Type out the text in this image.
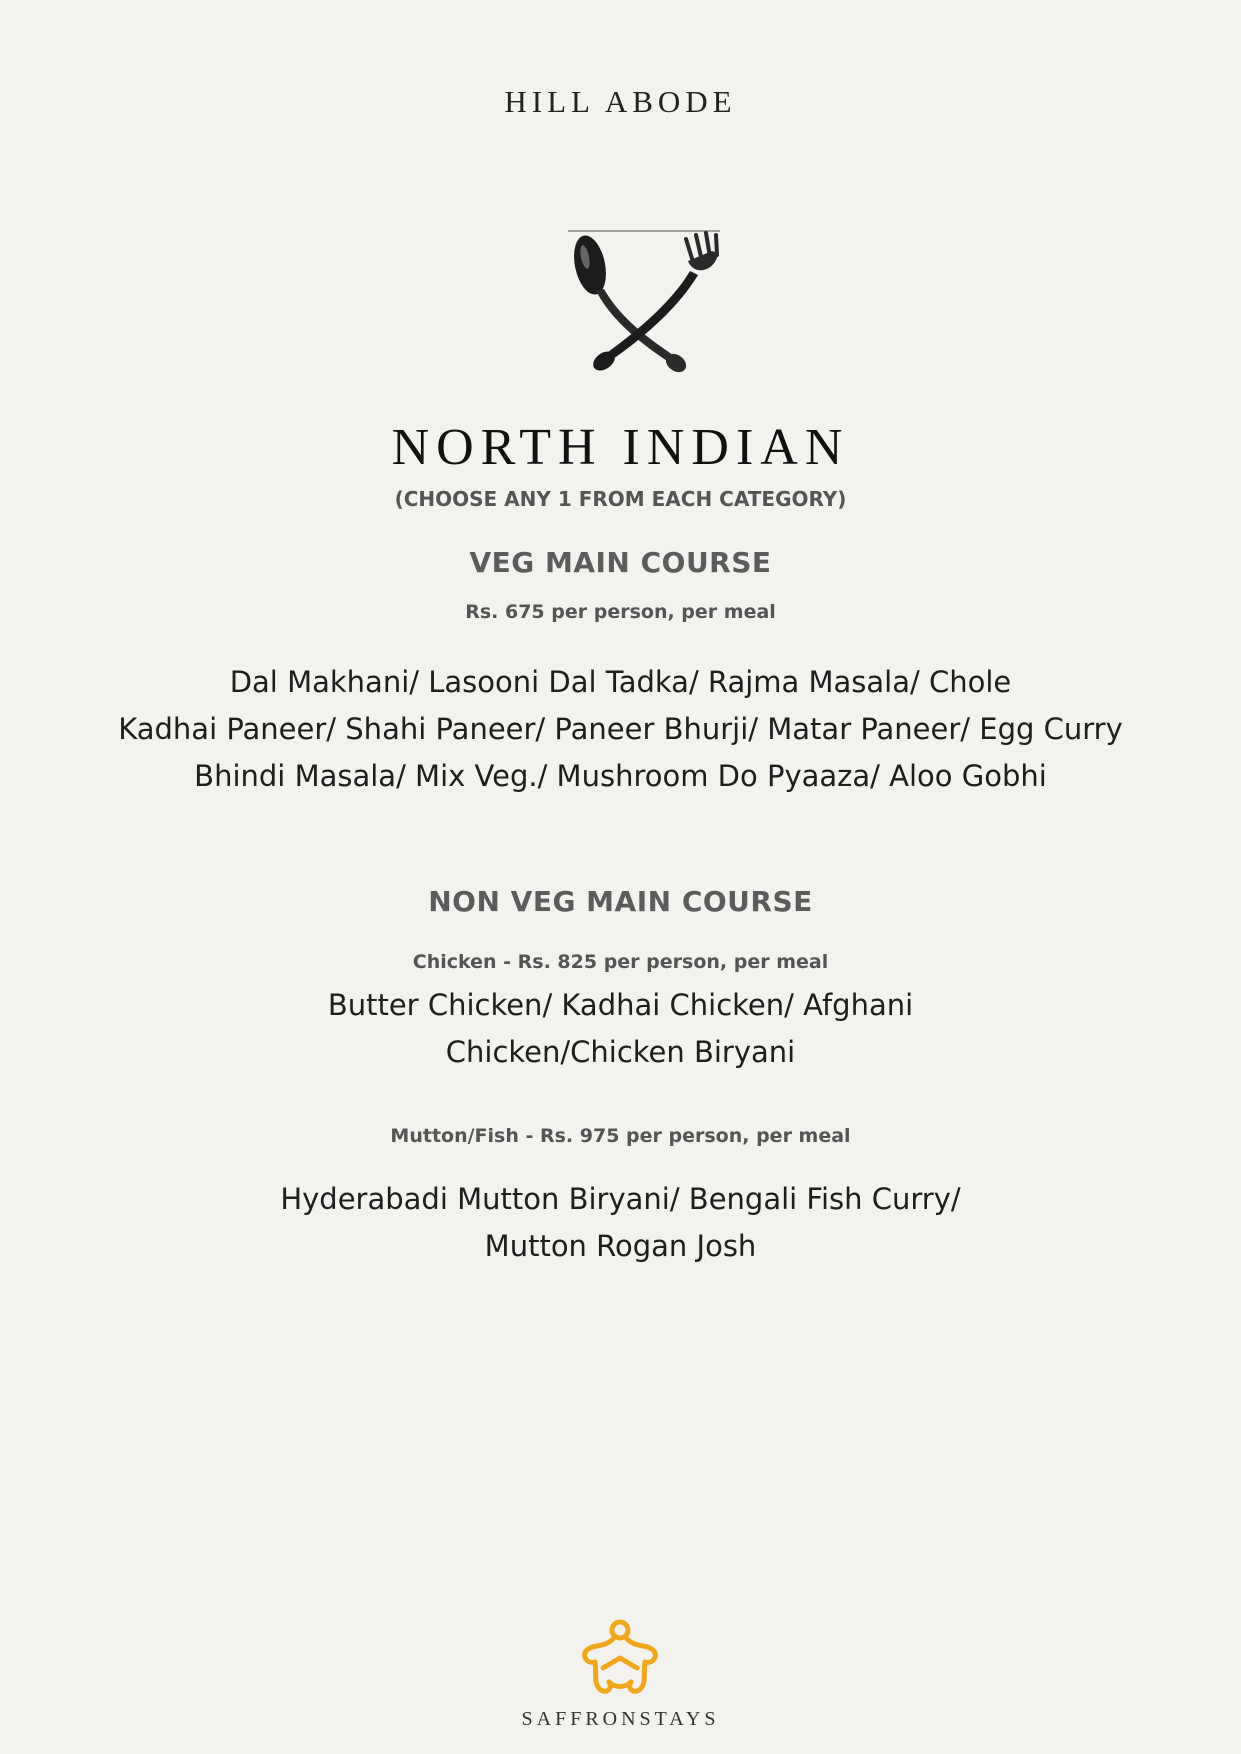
HILL ABODE
NORTH INDIAN
(CHOOSE ANY 1 FROM EACH CATEGORY)
VEG MAIN COURSE
Rs. 675 per person, per meal
Dal Makhani/ Lasooni Dal Tadka/ Rajma Masala/ Chole
Kadhai Paneer/ Shahi Paneer/ Paneer Bhurji/ Matar Paneer/ Egg Curry
Bhindi Masala/ Mix Veg./ Mushroom Do Pyaaza/ Aloo Gobhi
NON VEG MAIN COURSE
Chicken - Rs. 825 per person, per meal
Butter Chicken/ Kadhai Chicken/ Afghani
Chicken/Chicken Biryani
Mutton/Fish - Rs. 975 per person, per meal
Hyderabadi Mutton Biryani/ Bengali Fish Curry/
Mutton Rogan Josh
SAFFRONSTAYS
